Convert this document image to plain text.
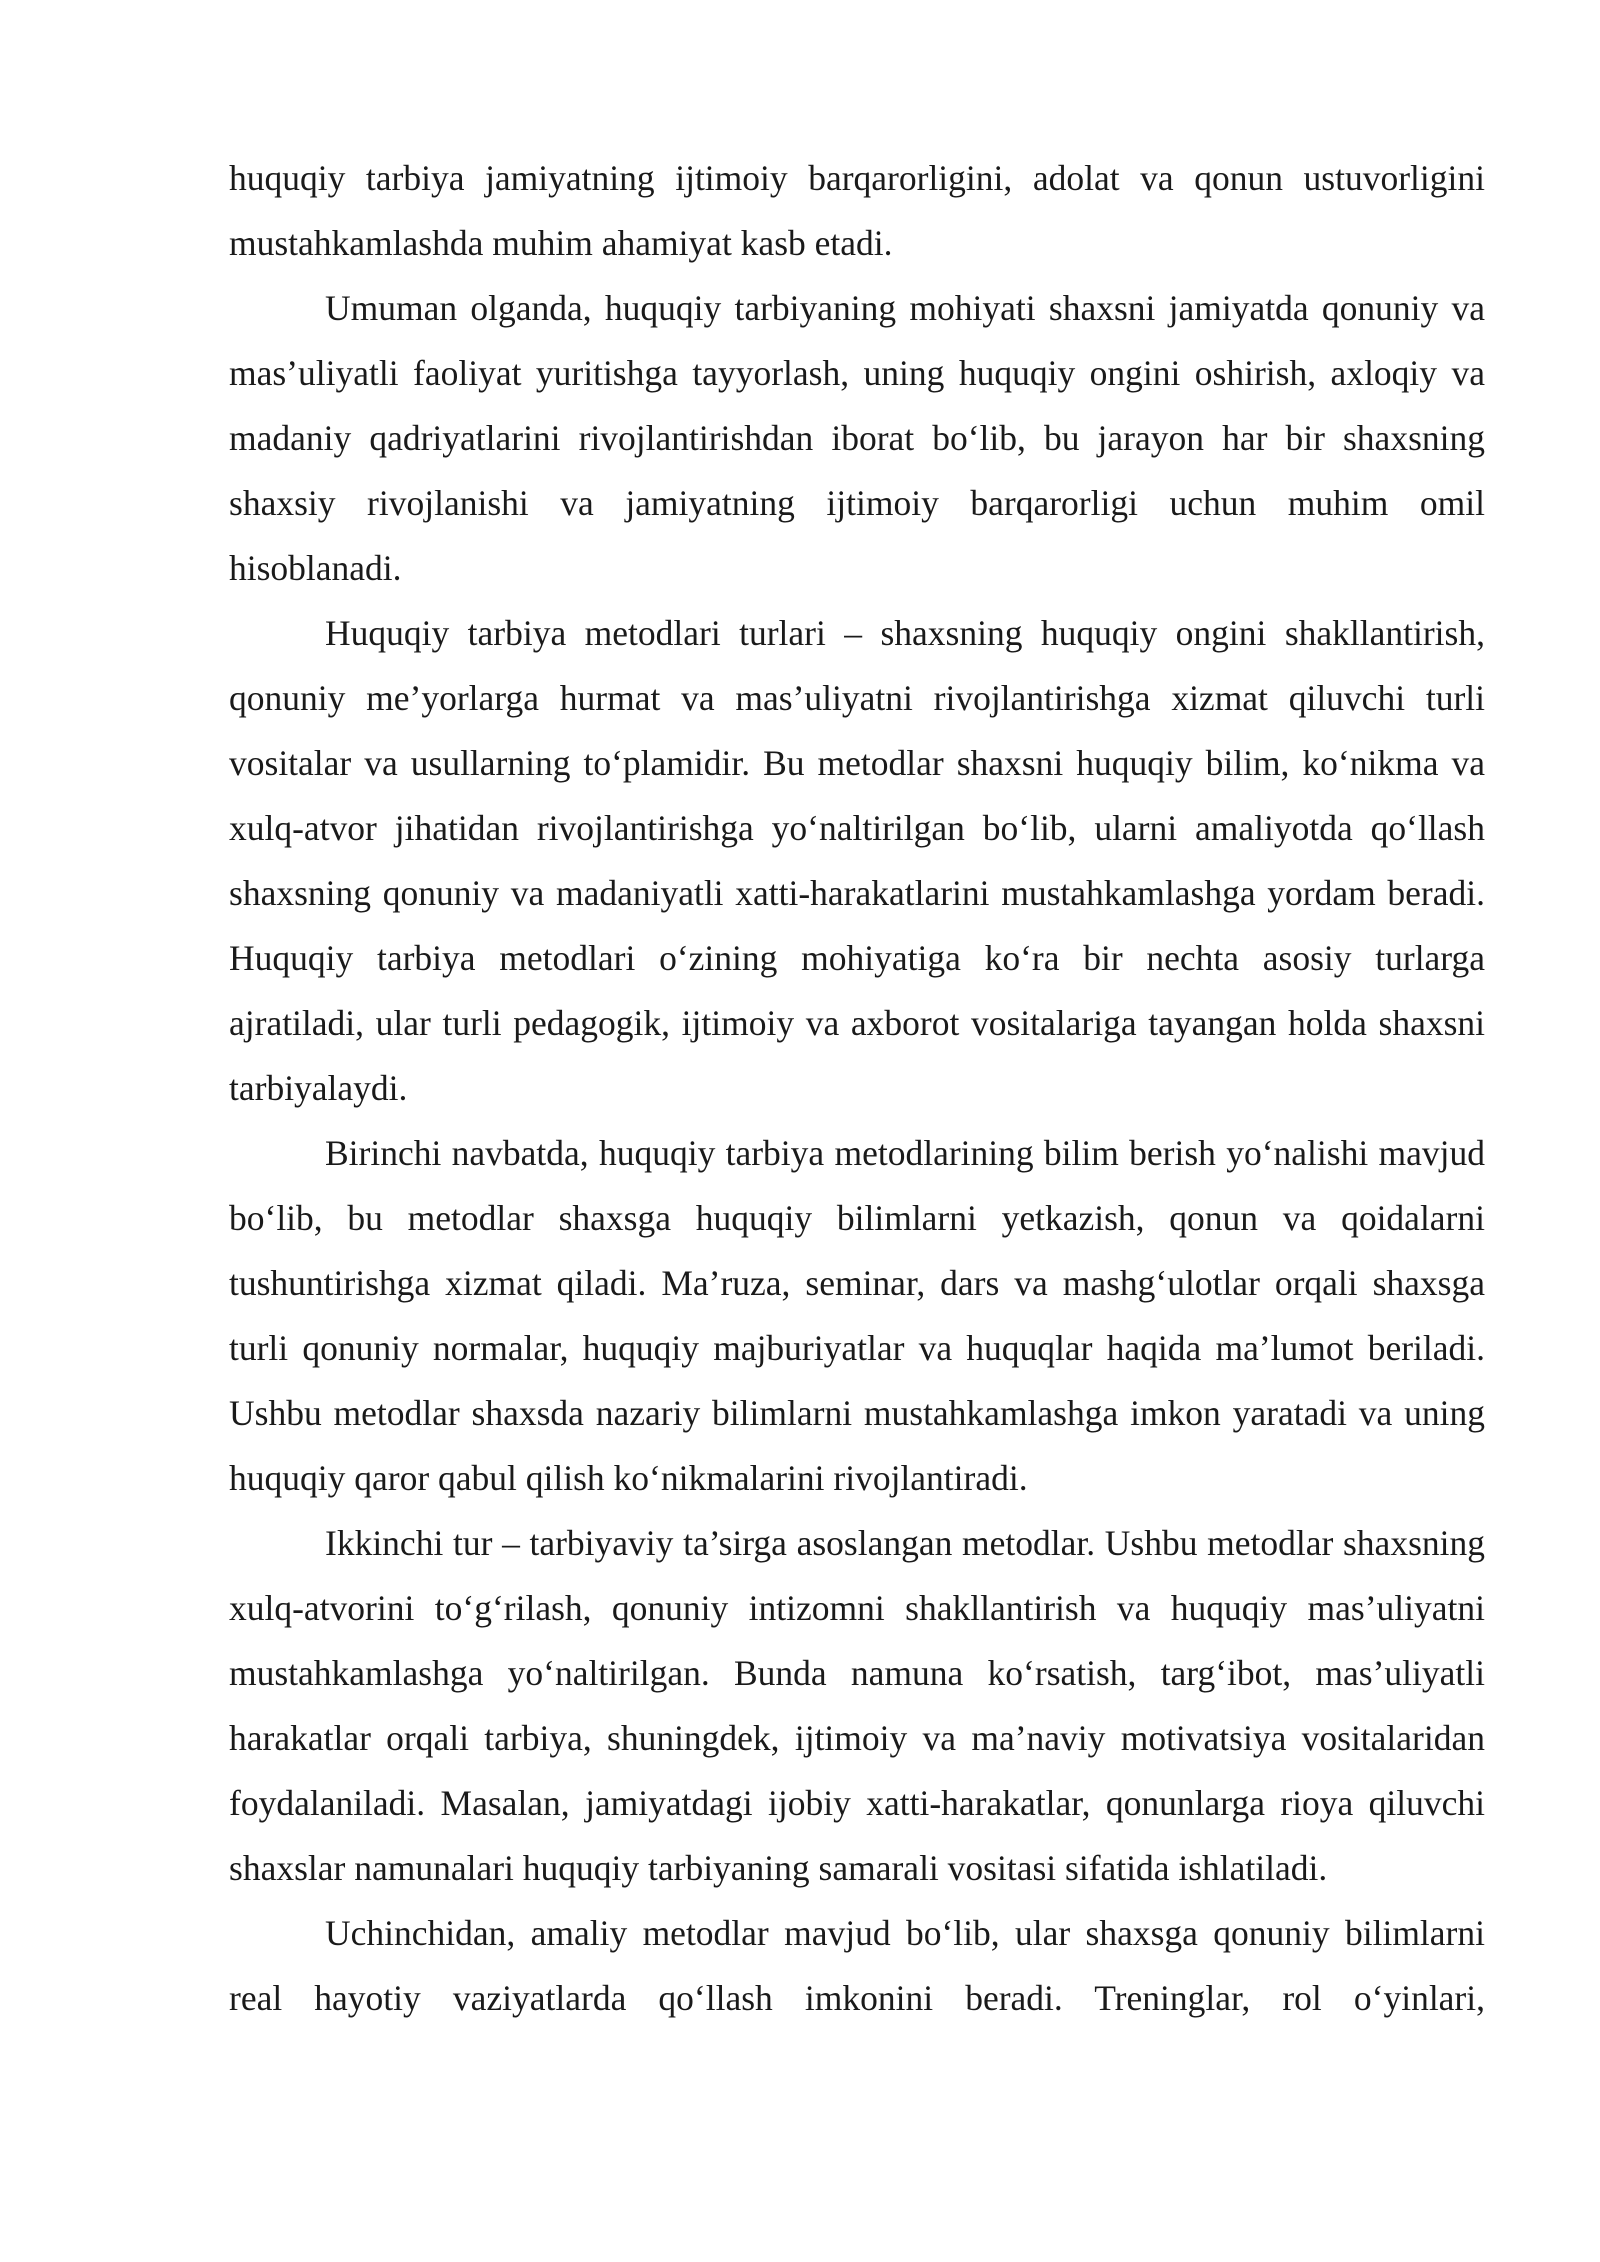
huquqiy tarbiya jamiyatning ijtimoiy barqarorligini, adolat va qonun ustuvorligini mustahkamlashda muhim ahamiyat kasb etadi.

Umuman olganda, huquqiy tarbiyaning mohiyati shaxsni jamiyatda qonuniy va mas’uliyatli faoliyat yuritishga tayyorlash, uning huquqiy ongini oshirish, axloqiy va madaniy qadriyatlarini rivojlantirishdan iborat bo‘lib, bu jarayon har bir shaxsning shaxsiy rivojlanishi va jamiyatning ijtimoiy barqarorligi uchun muhim omil hisoblanadi.

Huquqiy tarbiya metodlari turlari – shaxsning huquqiy ongini shakllantirish, qonuniy me’yorlarga hurmat va mas’uliyatni rivojlantirishga xizmat qiluvchi turli vositalar va usullarning to‘plamidir. Bu metodlar shaxsni huquqiy bilim, ko‘nikma va xulq-atvor jihatidan rivojlantirishga yo‘naltirilgan bo‘lib, ularni amaliyotda qo‘llash shaxsning qonuniy va madaniyatli xatti-harakatlarini mustahkamlashga yordam beradi. Huquqiy tarbiya metodlari o‘zining mohiyatiga ko‘ra bir nechta asosiy turlarga ajratiladi, ular turli pedagogik, ijtimoiy va axborot vositalariga tayangan holda shaxsni tarbiyalaydi.

Birinchi navbatda, huquqiy tarbiya metodlarining bilim berish yo‘nalishi mavjud bo‘lib, bu metodlar shaxsga huquqiy bilimlarni yetkazish, qonun va qoidalarni tushuntirishga xizmat qiladi. Ma’ruza, seminar, dars va mashg‘ulotlar orqali shaxsga turli qonuniy normalar, huquqiy majburiyatlar va huquqlar haqida ma’lumot beriladi. Ushbu metodlar shaxsda nazariy bilimlarni mustahkamlashga imkon yaratadi va uning huquqiy qaror qabul qilish ko‘nikmalarini rivojlantiradi.

Ikkinchi tur – tarbiyaviy ta’sirga asoslangan metodlar. Ushbu metodlar shaxsning xulq-atvorini to‘g‘rilash, qonuniy intizomni shakllantirish va huquqiy mas’uliyatni mustahkamlashga yo‘naltirilgan. Bunda namuna ko‘rsatish, targ‘ibot, mas’uliyatli harakatlar orqali tarbiya, shuningdek, ijtimoiy va ma’naviy motivatsiya vositalaridan foydalaniladi. Masalan, jamiyatdagi ijobiy xatti-harakatlar, qonunlarga rioya qiluvchi shaxslar namunalari huquqiy tarbiyaning samarali vositasi sifatida ishlatiladi.

Uchinchidan, amaliy metodlar mavjud bo‘lib, ular shaxsga qonuniy bilimlarni real hayotiy vaziyatlarda qo‘llash imkonini beradi. Treninglar, rol o‘yinlari,
